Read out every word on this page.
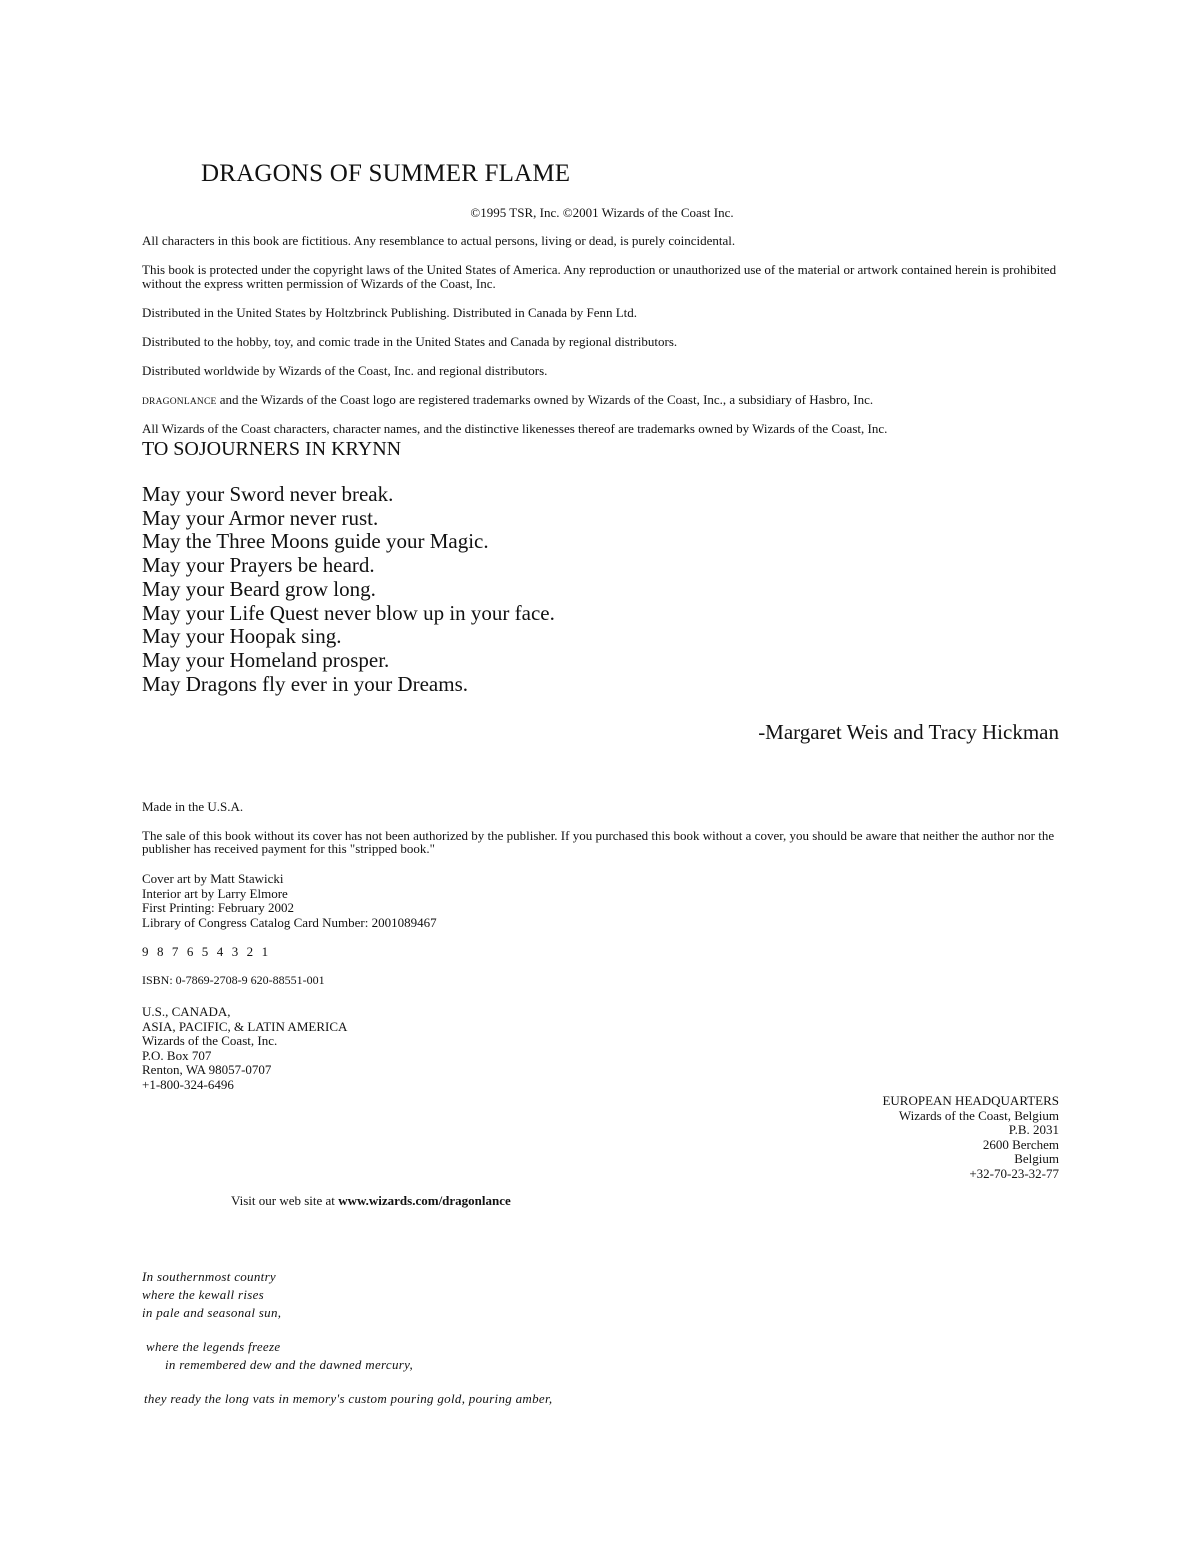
DRAGONS OF SUMMER FLAME

©1995 TSR, Inc. ©2001 Wizards of the Coast Inc.

All characters in this book are fictitious. Any resemblance to actual persons, living or dead, is purely coincidental.

This book is protected under the copyright laws of the United States of America. Any reproduction or unauthorized use of the material or artwork contained herein is prohibited without the express written permission of Wizards of the Coast, Inc.

Distributed in the United States by Holtzbrinck Publishing. Distributed in Canada by Fenn Ltd.

Distributed to the hobby, toy, and comic trade in the United States and Canada by regional distributors.

Distributed worldwide by Wizards of the Coast, Inc. and regional distributors.

DRAGONLANCE and the Wizards of the Coast logo are registered trademarks owned by Wizards of the Coast, Inc., a subsidiary of Hasbro, Inc.

All Wizards of the Coast characters, character names, and the distinctive likenesses thereof are trademarks owned by Wizards of the Coast, Inc.

TO SOJOURNERS IN KRYNN
May your Sword never break.
May your Armor never rust.
May the Three Moons guide your Magic.
May your Prayers be heard.
May your Beard grow long.
May your Life Quest never blow up in your face.
May your Hoopak sing.
May your Homeland prosper.
May Dragons fly ever in your Dreams.

-Margaret Weis and Tracy Hickman

Made in the U.S.A.

The sale of this book without its cover has not been authorized by the publisher. If you purchased this book without a cover, you should be aware that neither the author nor the publisher has received payment for this "stripped book."

Cover art by Matt Stawicki
Interior art by Larry Elmore
First Printing: February 2002
Library of Congress Catalog Card Number: 2001089467

9 8 7 6 5 4 3 2 1

ISBN: 0-7869-2708-9 620-88551-001

U.S., CANADA,
ASIA, PACIFIC, & LATIN AMERICA
Wizards of the Coast, Inc.
P.O. Box 707
Renton, WA 98057-0707
+1-800-324-6496
EUROPEAN HEADQUARTERS
Wizards of the Coast, Belgium
P.B. 2031
2600 Berchem
Belgium
+32-70-23-32-77

Visit our web site at www.wizards.com/dragonlance

In southernmost country
where the kewall rises
in pale and seasonal sun,
where the legends freeze
in remembered dew and the dawned mercury,
they ready the long vats in memory's custom pouring gold, pouring amber,
